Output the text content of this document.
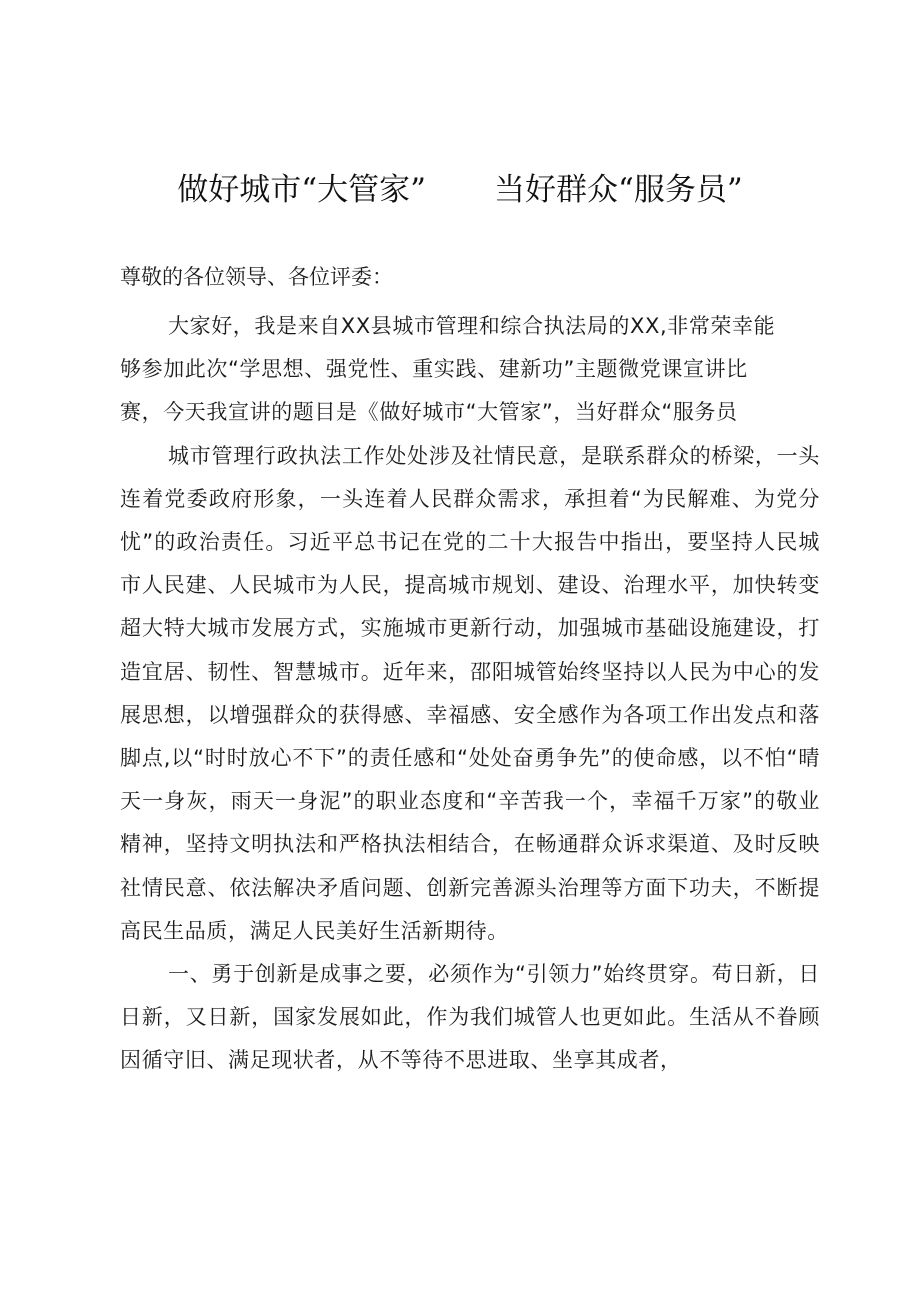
做好城市“大管家” 当好群众“服务员”
尊敬的各位领导、各位评委：
大家好，我是来自XX县城市管理和综合执法局的XX,非常荣幸能
够参加此次“学思想、强党性、重实践、建新功”主题微党课宣讲比
赛，今天我宣讲的题目是《做好城市“大管家”，当好群众“服务员

城市管理行政执法工作处处涉及社情民意，是联系群众的桥梁，一头连着党委政府形象，一头连着人民群众需求，承担着“为民解难、为党分忧”的政治责任。习近平总书记在党的二十大报告中指出，要坚持人民城市人民建、人民城市为人民，提高城市规划、建设、治理水平，加快转变超大特大城市发展方式，实施城市更新行动，加强城市基础设施建设，打造宜居、韧性、智慧城市。近年来，邵阳城管始终坚持以人民为中心的发展思想，以增强群众的获得感、幸福感、安全感作为各项工作出发点和落脚点,以“时时放心不下”的责任感和“处处奋勇争先”的使命感，以不怕“晴天一身灰，雨天一身泥”的职业态度和“辛苦我一个，幸福千万家”的敬业精神，坚持文明执法和严格执法相结合，在畅通群众诉求渠道、及时反映社情民意、依法解决矛盾问题、创新完善源头治理等方面下功夫，不断提高民生品质，满足人民美好生活新期待。

一、勇于创新是成事之要，必须作为“引领力”始终贯穿。苟日新，日日新，又日新，国家发展如此，作为我们城管人也更如此。生活从不眷顾因循守旧、满足现状者，从不等待不思进取、坐享其成者，
